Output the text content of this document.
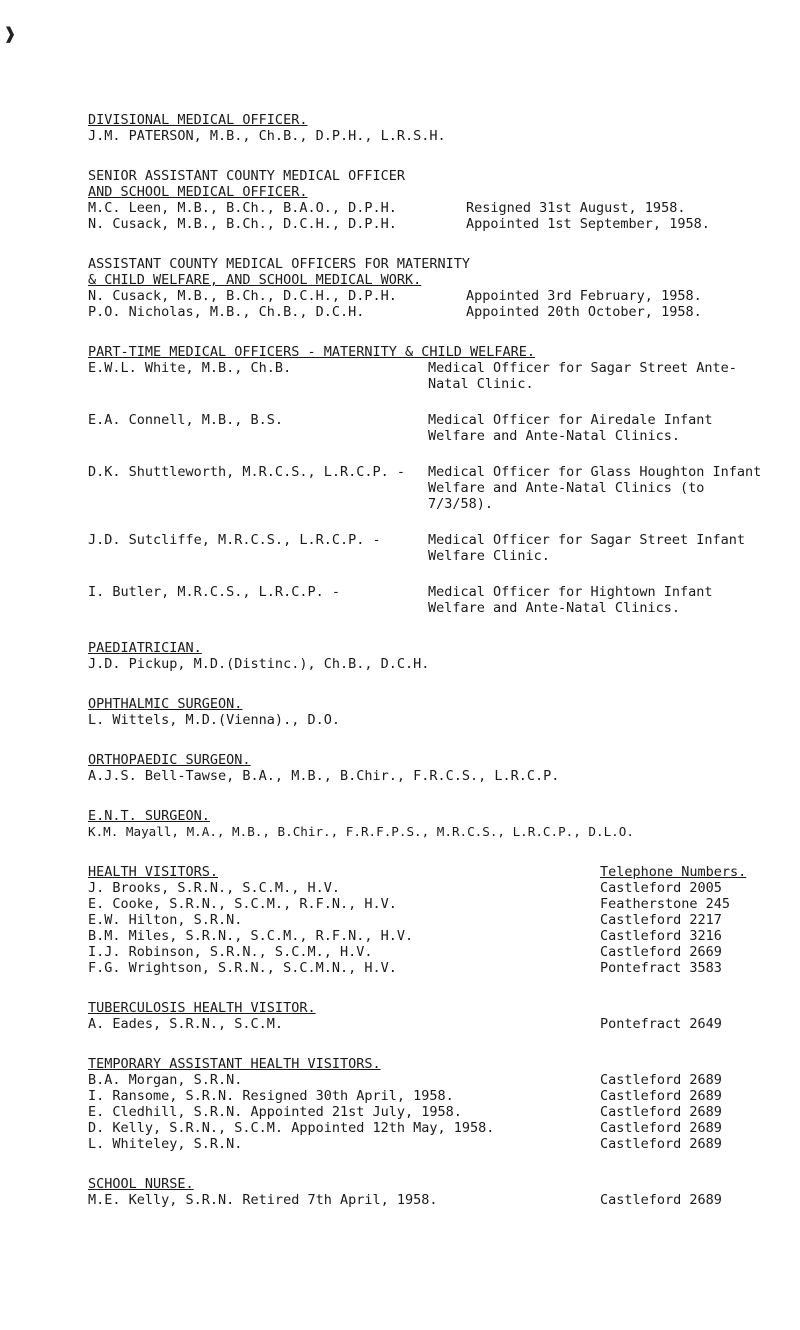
❱
DIVISIONAL MEDICAL OFFICER.
J.M. PATERSON, M.B., Ch.B., D.P.H., L.R.S.H.
SENIOR ASSISTANT COUNTY MEDICAL OFFICER
AND SCHOOL MEDICAL OFFICER.
M.C. Leen, M.B., B.Ch., B.A.O., D.P.H.	Resigned 31st August, 1958.
N. Cusack, M.B., B.Ch., D.C.H., D.P.H.	Appointed 1st September, 1958.
ASSISTANT COUNTY MEDICAL OFFICERS FOR MATERNITY
& CHILD WELFARE, AND SCHOOL MEDICAL WORK.
N. Cusack, M.B., B.Ch., D.C.H., D.P.H.	Appointed 3rd February, 1958.
P.O. Nicholas, M.B., Ch.B., D.C.H.	Appointed 20th October, 1958.
PART-TIME MEDICAL OFFICERS - MATERNITY & CHILD WELFARE.
E.W.L. White, M.B., Ch.B.	Medical Officer for Sagar Street Ante-Natal Clinic.
E.A. Connell, M.B., B.S.	Medical Officer for Airedale Infant Welfare and Ante-Natal Clinics.
D.K. Shuttleworth, M.R.C.S., L.R.C.P. -	Medical Officer for Glass Houghton Infant Welfare and Ante-Natal Clinics (to 7/3/58).
J.D. Sutcliffe, M.R.C.S., L.R.C.P. -	Medical Officer for Sagar Street Infant Welfare Clinic.
I. Butler, M.R.C.S., L.R.C.P. -	Medical Officer for Hightown Infant Welfare and Ante-Natal Clinics.
PAEDIATRICIAN.
J.D. Pickup, M.D.(Distinc.), Ch.B., D.C.H.
OPHTHALMIC SURGEON.
L. Wittels, M.D.(Vienna)., D.O.
ORTHOPAEDIC SURGEON.
A.J.S. Bell-Tawse, B.A., M.B., B.Chir., F.R.C.S., L.R.C.P.
E.N.T. SURGEON.
K.M. Mayall, M.A., M.B., B.Chir., F.R.F.P.S., M.R.C.S., L.R.C.P., D.L.O.
HEALTH VISITORS.	Telephone Numbers.
J. Brooks, S.R.N., S.C.M., H.V.	Castleford 2005
E. Cooke, S.R.N., S.C.M., R.F.N., H.V.	Featherstone 245
E.W. Hilton, S.R.N.	Castleford 2217
B.M. Miles, S.R.N., S.C.M., R.F.N., H.V.	Castleford 3216
I.J. Robinson, S.R.N., S.C.M., H.V.	Castleford 2669
F.G. Wrightson, S.R.N., S.C.M.N., H.V.	Pontefract 3583
TUBERCULOSIS HEALTH VISITOR.
A. Eades, S.R.N., S.C.M.	Pontefract 2649
TEMPORARY ASSISTANT HEALTH VISITORS.
B.A. Morgan, S.R.N.	Castleford 2689
I. Ransome, S.R.N. Resigned 30th April, 1958.	Castleford 2689
E. Cledhill, S.R.N. Appointed 21st July, 1958.	Castleford 2689
D. Kelly, S.R.N., S.C.M. Appointed 12th May, 1958.	Castleford 2689
L. Whiteley, S.R.N.	Castleford 2689
SCHOOL NURSE.
M.E. Kelly, S.R.N. Retired 7th April, 1958.	Castleford 2689
